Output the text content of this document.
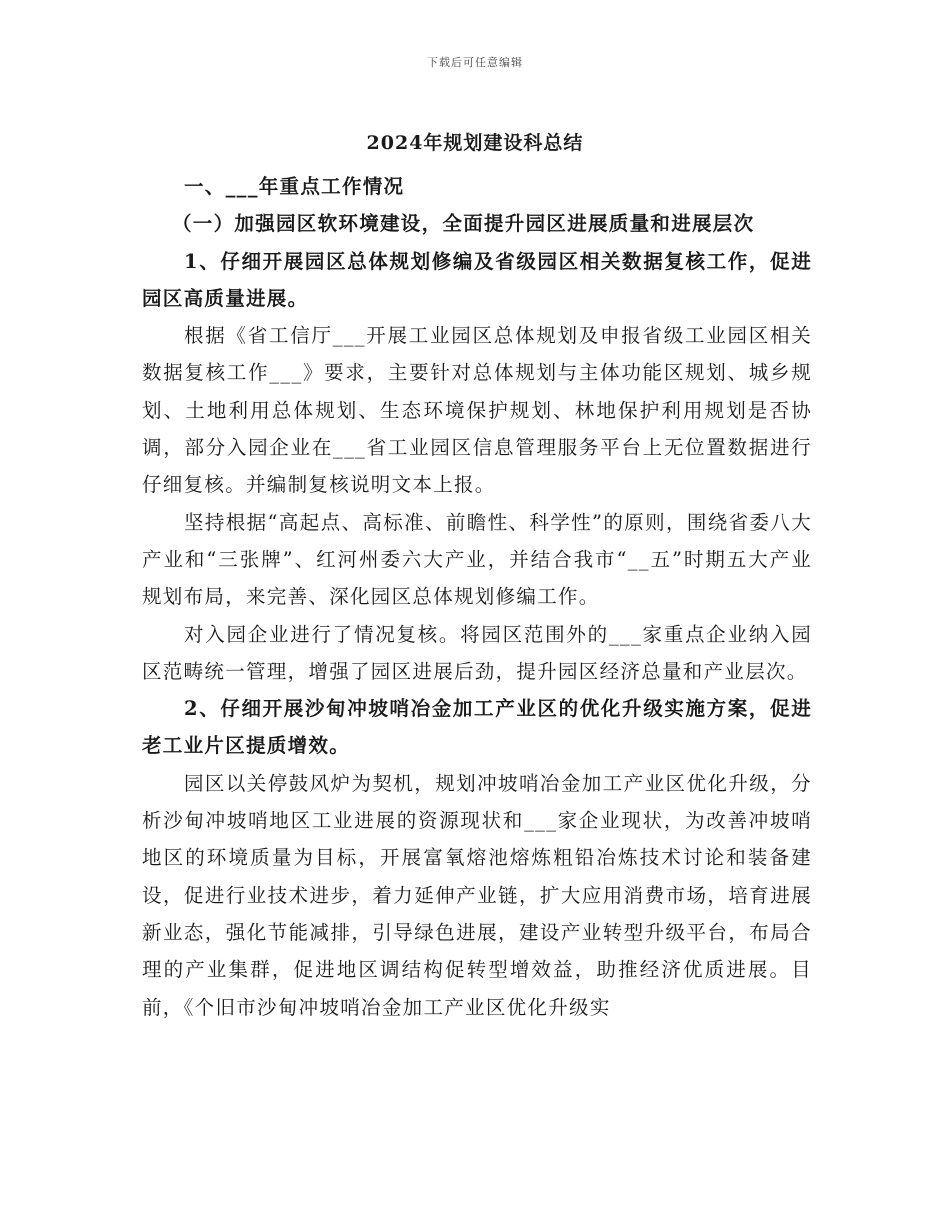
下载后可任意编辑
2024年规划建设科总结

一、___年重点工作情况

（一）加强园区软环境建设，全面提升园区进展质量和进展层次

1、仔细开展园区总体规划修编及省级园区相关数据复核工作，促进园区高质量进展。

根据《省工信厅___开展工业园区总体规划及申报省级工业园区相关数据复核工作___》要求，主要针对总体规划与主体功能区规划、城乡规划、土地利用总体规划、生态环境保护规划、林地保护利用规划是否协调，部分入园企业在___省工业园区信息管理服务平台上无位置数据进行仔细复核。并编制复核说明文本上报。

坚持根据“高起点、高标准、前瞻性、科学性”的原则，围绕省委八大产业和“三张牌”、红河州委六大产业，并结合我市“__五”时期五大产业规划布局，来完善、深化园区总体规划修编工作。

对入园企业进行了情况复核。将园区范围外的___家重点企业纳入园区范畴统一管理，增强了园区进展后劲，提升园区经济总量和产业层次。

2、仔细开展沙甸冲坡哨冶金加工产业区的优化升级实施方案，促进老工业片区提质增效。

园区以关停鼓风炉为契机，规划冲坡哨冶金加工产业区优化升级，分析沙甸冲坡哨地区工业进展的资源现状和___家企业现状，为改善冲坡哨地区的环境质量为目标，开展富氧熔池熔炼粗铅冶炼技术讨论和装备建设，促进行业技术进步，着力延伸产业链，扩大应用消费市场，培育进展新业态，强化节能减排，引导绿色进展，建设产业转型升级平台，布局合理的产业集群，促进地区调结构促转型增效益，助推经济优质进展。目前，《个旧市沙甸冲坡哨冶金加工产业区优化升级实
